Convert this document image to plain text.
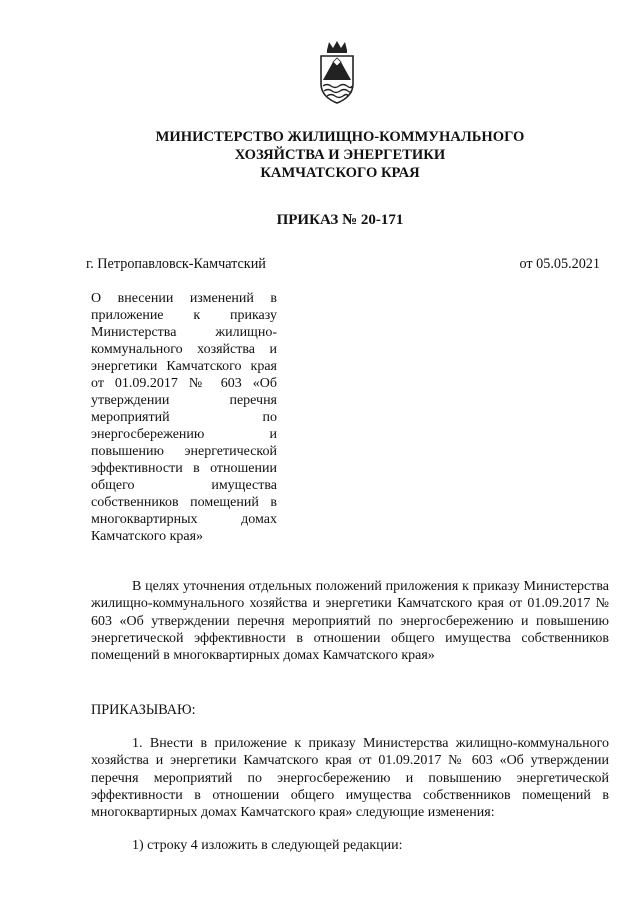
МИНИСТЕРСТВО ЖИЛИЩНО-КОММУНАЛЬНОГО
ХОЗЯЙСТВА И ЭНЕРГЕТИКИ
КАМЧАТСКОГО КРАЯ
ПРИКАЗ № 20-171
г. Петропавловск-Камчатский	от 05.05.2021
О внесении изменений в приложение к приказу Министерства жилищно-коммунального хозяйства и энергетики Камчатского края от 01.09.2017 № 603 «Об утверждении перечня мероприятий по энергосбережению и повышению энергетической эффективности в отношении общего имущества собственников помещений в многоквартирных домах Камчатского края»
В целях уточнения отдельных положений приложения к приказу Министерства жилищно-коммунального хозяйства и энергетики Камчатского края от 01.09.2017 № 603 «Об утверждении перечня мероприятий по энергосбережению и повышению энергетической эффективности в отношении общего имущества собственников помещений в многоквартирных домах Камчатского края»
ПРИКАЗЫВАЮ:
1. Внести в приложение к приказу Министерства жилищно-коммунального хозяйства и энергетики Камчатского края от 01.09.2017 № 603 «Об утверждении перечня мероприятий по энергосбережению и повышению энергетической эффективности в отношении общего имущества собственников помещений в многоквартирных домах Камчатского края» следующие изменения:
1) строку 4 изложить в следующей редакции:
